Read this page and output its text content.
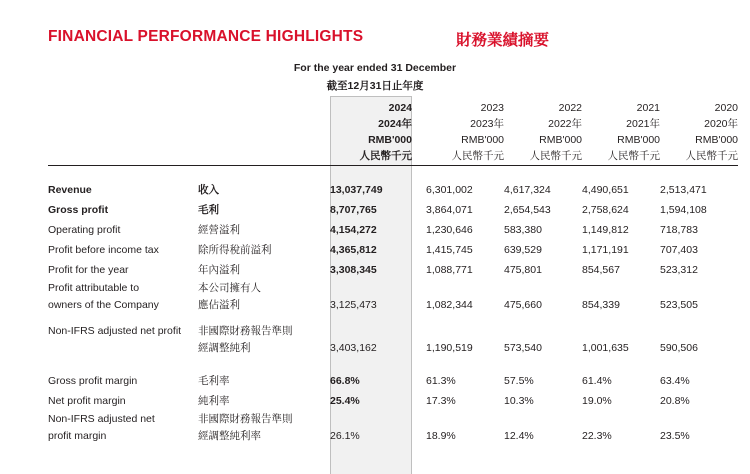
FINANCIAL PERFORMANCE HIGHLIGHTS	財務業績摘要
For the year ended 31 December
截至12月31日止年度
		2024	2023	2022	2021	2020
		2024年	2023年	2022年	2021年	2020年
		RMB'000	RMB'000	RMB'000	RMB'000	RMB'000
		人民幣千元	人民幣千元	人民幣千元	人民幣千元	人民幣千元

Revenue	收入	13,037,749	6,301,002	4,617,324	4,490,651	2,513,471
Gross profit	毛利	8,707,765	3,864,071	2,654,543	2,758,624	1,594,108
Operating profit	經營溢利	4,154,272	1,230,646	583,380	1,149,812	718,783
Profit before income tax	除所得稅前溢利	4,365,812	1,415,745	639,529	1,171,191	707,403
Profit for the year	年內溢利	3,308,345	1,088,771	475,801	854,567	523,312
Profit attributable to	本公司擁有人					
owners of the Company	應佔溢利	3,125,473	1,082,344	475,660	854,339	523,505

Non-IFRS adjusted net profit	非國際財務報告準則					
	經調整純利	3,403,162	1,190,519	573,540	1,001,635	590,506

Gross profit margin	毛利率	66.8%	61.3%	57.5%	61.4%	63.4%
Net profit margin	純利率	25.4%	17.3%	10.3%	19.0%	20.8%
Non-IFRS adjusted net	非國際財務報告準則					
profit margin	經調整純利率	26.1%	18.9%	12.4%	22.3%	23.5%
